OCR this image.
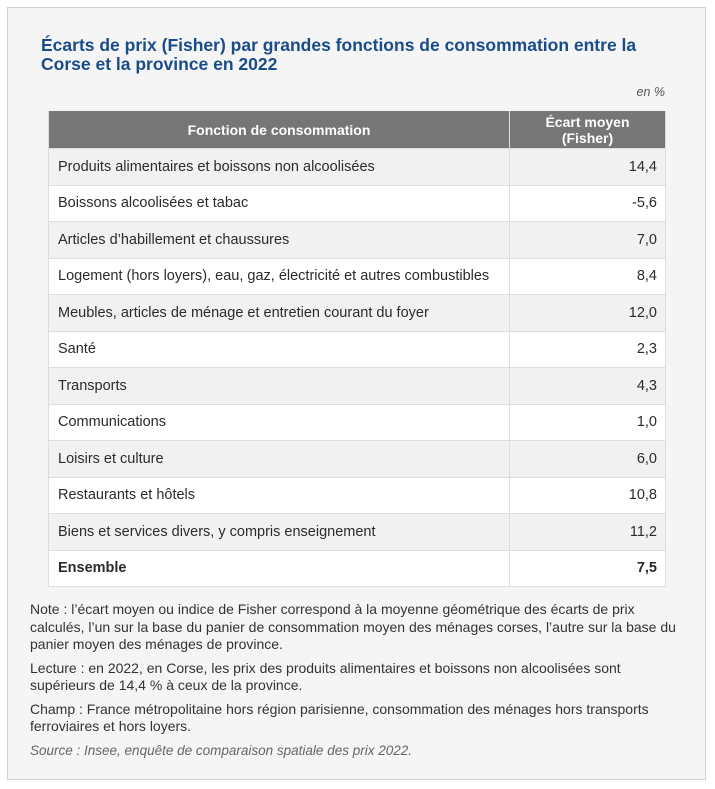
Écarts de prix (Fisher) par grandes fonctions de consommation entre la Corse et la province en 2022
en %
Fonction de consommation	Écart moyen (Fisher)
Produits alimentaires et boissons non alcoolisées	14,4
Boissons alcoolisées et tabac	-5,6
Articles d’habillement et chaussures	7,0
Logement (hors loyers), eau, gaz, électricité et autres combustibles	8,4
Meubles, articles de ménage et entretien courant du foyer	12,0
Santé	2,3
Transports	4,3
Communications	1,0
Loisirs et culture	6,0
Restaurants et hôtels	10,8
Biens et services divers, y compris enseignement	11,2
Ensemble	7,5

Note : l’écart moyen ou indice de Fisher correspond à la moyenne géométrique des écarts de prix calculés, l’un sur la base du panier de consommation moyen des ménages corses, l’autre sur la base du panier moyen des ménages de province.

Lecture : en 2022, en Corse, les prix des produits alimentaires et boissons non alcoolisées sont supérieurs de 14,4 % à ceux de la province.

Champ : France métropolitaine hors région parisienne, consommation des ménages hors transports ferroviaires et hors loyers.

Source : Insee, enquête de comparaison spatiale des prix 2022.
